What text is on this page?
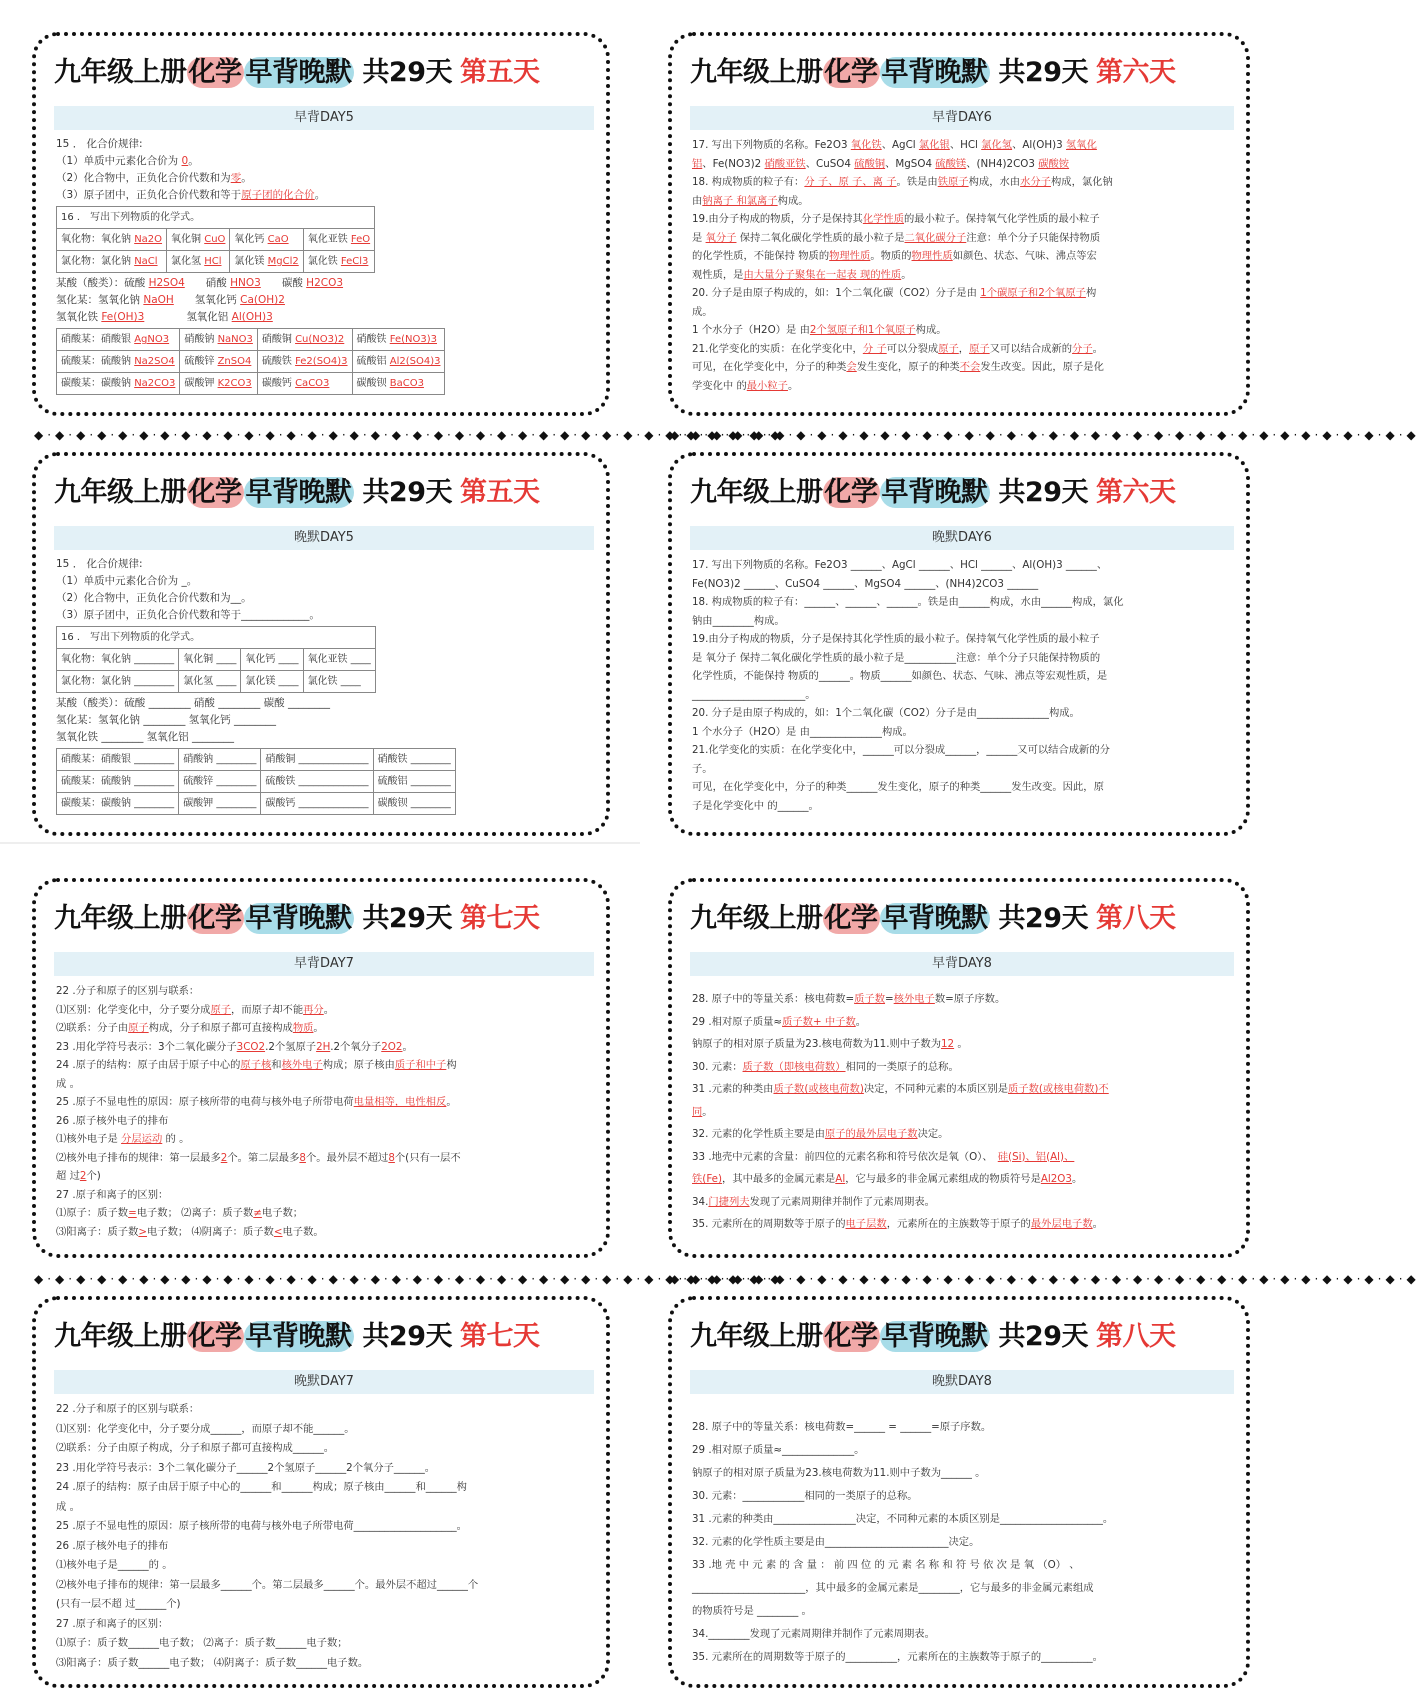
九年级上册化学 早背晚默 共29天 第五天
早背DAY5

15 ． 化合价规律:

（1）单质中元素化合价为 0。

（2）化合物中，正负化合价代数和为零。

（3）原子团中，正负化合价代数和等于原子团的化合价。

16 ． 写出下列物质的化学式。			
氧化物：氧化钠 Na2O	氧化铜 CuO	氧化钙 CaO	氧化亚铁 FeO
氯化物：氯化钠 NaCl	氯化氢 HCl	氯化镁 MgCl2	氯化铁 FeCl3

某酸（酸类）：硫酸 H2SO4　　 硝酸 HNO3　　 碳酸 H2CO3

氢化某：氢氧化钠 NaOH　　 氢氧化钙 Ca(OH)2

氢氧化铁 Fe(OH)3　　　　	氢氧化铝 Al(OH)3

硝酸某：硝酸银 AgNO3	硝酸钠 NaNO3	硝酸铜 Cu(NO3)2	硝酸铁 Fe(NO3)3
硫酸某：硫酸钠 Na2SO4	硫酸锌 ZnSO4	硫酸铁 Fe2(SO4)3	硫酸铝 Al2(SO4)3
碳酸某：碳酸钠 Na2CO3	碳酸钾 K2CO3	碳酸钙 CaCO3	碳酸钡 BaCO3
九年级上册化学 早背晚默 共29天 第六天
早背DAY6

17. 写出下列物质的名称。Fe2O3 氧化铁、AgCl 氯化银、HCl 氯化氢、Al(OH)3 氢氧化

铝、Fe(NO3)2 硝酸亚铁、CuSO4 硫酸铜、MgSO4 硫酸镁、(NH4)2CO3 碳酸铵

18. 构成物质的粒子有：分 子、原 子、离 子。铁是由铁原子构成，水由水分子构成，氯化钠

由钠离子 和氯离子构成。

19.由分子构成的物质，分子是保持其化学性质的最小粒子。保持氧气化学性质的最小粒子

是 氧分子 保持二氧化碳化学性质的最小粒子是二氧化碳分子注意：单个分子只能保持物质

的化学性质，不能保持 物质的物理性质。物质的物理性质如颜色、状态、气味、沸点等宏

观性质，是由大量分子聚集在一起表 现的性质。

20. 分子是由原子构成的，如：1个二氧化碳（CO2）分子是由 1个碳原子和2个氧原子构

成。

1 个水分子（H2O）是 由2个氢原子和1个氧原子构成。

21.化学变化的实质：在化学变化中，分 子可以分裂成原子，原子又可以结合成新的分子。

可见，在化学变化中，分子的种类会发生变化，原子的种类不会发生改变。因此，原子是化

学变化中 的最小粒子。

◆·◆·◆·◆·◆·◆·◆·◆·◆·◆·◆·◆·◆·◆·◆·◆·◆·◆·◆·◆·◆·◆·◆·◆·◆·◆·◆·◆·◆·◆·◆·◆·◆·◆·◆·◆
◆·◆·◆·◆·◆·◆·◆·◆·◆·◆·◆·◆·◆·◆·◆·◆·◆·◆·◆·◆·◆·◆·◆·◆·◆·◆·◆·◆·◆·◆·◆·◆·◆·◆·◆·◆
九年级上册化学 早背晚默 共29天 第五天
晚默DAY5

15 ． 化合价规律:

（1）单质中元素化合价为 _。

（2）化合物中，正负化合价代数和为__。

（3）原子团中，正负化合价代数和等于_____________。

16 ． 写出下列物质的化学式。			
氧化物：氧化钠 ________	氧化铜 ____	氧化钙 ____	氧化亚铁 ____
氯化物：氯化钠 ________	氯化氢 ____	氯化镁 ____	氯化铁 ____

某酸（酸类）：硫酸 ________ 硝酸 ________ 碳酸 ________

氢化某：氢氧化钠 ________ 氢氧化钙 ________

氢氧化铁 ________ 氢氧化铝 ________

硝酸某：硝酸银 ________	硝酸钠 ________	硝酸铜 ______________	硝酸铁 ________
硫酸某：硫酸钠 ________	硫酸锌 ________	硫酸铁 ______________	硫酸铝 ________
碳酸某：碳酸钠 ________	碳酸钾 ________	碳酸钙 ______________	碳酸钡 ________
九年级上册化学 早背晚默 共29天 第六天
晚默DAY6

17. 写出下列物质的名称。Fe2O3 ______、AgCl ______、HCl ______、Al(OH)3 ______、

Fe(NO3)2 ______、CuSO4 ______、MgSO4 ______、(NH4)2CO3 ______

18. 构成物质的粒子有：______、______、______。铁是由______构成，水由______构成，氯化

钠由________构成。

19.由分子构成的物质，分子是保持其化学性质的最小粒子。保持氧气化学性质的最小粒子

是 氧分子 保持二氧化碳化学性质的最小粒子是__________注意：单个分子只能保持物质的

化学性质，不能保持 物质的______。物质______如颜色、状态、气味、沸点等宏观性质，是

______________________。

20. 分子是由原子构成的，如：1个二氧化碳（CO2）分子是由______________构成。

1 个水分子（H2O）是 由______________构成。

21.化学变化的实质：在化学变化中，______可以分裂成______，______又可以结合成新的分

子。

可见，在化学变化中，分子的种类______发生变化，原子的种类______发生改变。因此，原

子是化学变化中 的______。

九年级上册化学 早背晚默 共29天 第七天
早背DAY7

22 .分子和原子的区别与联系：

⑴区别：化学变化中，分子要分成原子，而原子却不能再分。

⑵联系：分子由原子构成，分子和原子都可直接构成物质。

23 .用化学符号表示：3个二氧化碳分子3CO2.2个氢原子2H.2个氧分子2O2。

24 .原子的结构：原子由居于原子中心的原子核和核外电子构成；原子核由质子和中子构

成 。

25 .原子不显电性的原因：原子核所带的电荷与核外电子所带电荷电量相等，电性相反。

26 .原子核外电子的排布

⑴核外电子是 分层运动 的 。

⑵核外电子排布的规律：第一层最多2个。第二层最多8个。最外层不超过8个(只有一层不

超 过2个)

27 .原子和离子的区别：

⑴原子：质子数=电子数； ⑵离子：质子数≠电子数；

⑶阳离子：质子数>电子数； ⑷阴离子：质子数<电子数。

九年级上册化学 早背晚默 共29天 第八天
早背DAY8

28. 原子中的等量关系：核电荷数=质子数=核外电子数=原子序数。

29 .相对原子质量≈质子数+ 中子数。

钠原子的相对原子质量为23.核电荷数为11.则中子数为12 。

30. 元素：质子数（即核电荷数）相同的一类原子的总称。

31 .元素的种类由质子数(或核电荷数)决定，不同种元素的本质区别是质子数(或核电荷数)不

同。

32. 元素的化学性质主要是由原子的最外层电子数决定。

33 .地壳中元素的含量：前四位的元素名称和符号依次是氧（O）、　 硅(Si)、铝(Al)、

铁(Fe)，其中最多的金属元素是Al，它与最多的非金属元素组成的物质符号是Al2O3。

34.门捷列夫发现了元素周期律并制作了元素周期表。

35. 元素所在的周期数等于原子的电子层数，元素所在的主族数等于原子的最外层电子数。

◆·◆·◆·◆·◆·◆·◆·◆·◆·◆·◆·◆·◆·◆·◆·◆·◆·◆·◆·◆·◆·◆·◆·◆·◆·◆·◆·◆·◆·◆·◆·◆·◆·◆·◆·◆
◆·◆·◆·◆·◆·◆·◆·◆·◆·◆·◆·◆·◆·◆·◆·◆·◆·◆·◆·◆·◆·◆·◆·◆·◆·◆·◆·◆·◆·◆·◆·◆·◆·◆·◆·◆
九年级上册化学 早背晚默 共29天 第七天
晚默DAY7

22 .分子和原子的区别与联系：

⑴区别：化学变化中，分子要分成______，而原子却不能______。

⑵联系：分子由原子构成，分子和原子都可直接构成______。

23 .用化学符号表示：3个二氧化碳分子______2个氢原子______2个氧分子______。

24 .原子的结构：原子由居于原子中心的______和______构成；原子核由______和______构

成 。

25 .原子不显电性的原因：原子核所带的电荷与核外电子所带电荷____________________。

26 .原子核外电子的排布

⑴核外电子是______的 。

⑵核外电子排布的规律：第一层最多______个。第二层最多______个。最外层不超过______个

(只有一层不超 过______个)

27 .原子和离子的区别：

⑴原子：质子数______电子数； ⑵离子：质子数______电子数；

⑶阳离子：质子数______电子数； ⑷阴离子：质子数______电子数。

九年级上册化学 早背晚默 共29天 第八天
晚默DAY8

28. 原子中的等量关系：核电荷数=______ = ______=原子序数。

29 .相对原子质量≈______________。

钠原子的相对原子质量为23.核电荷数为11.则中子数为______ 。

30. 元素：____________相同的一类原子的总称。

31 .元素的种类由________________决定，不同种元素的本质区别是____________________。

32. 元素的化学性质主要是由________________________决定。

33 .地 壳 中 元 素 的 含 量 ： 前 四 位 的 元 素 名 称 和 符 号 依 次 是 氧 （O） 、

______________________，其中最多的金属元素是________，它与最多的非金属元素组成

的物质符号是 ________ 。

34.________发现了元素周期律并制作了元素周期表。

35. 元素所在的周期数等于原子的__________，元素所在的主族数等于原子的__________。
